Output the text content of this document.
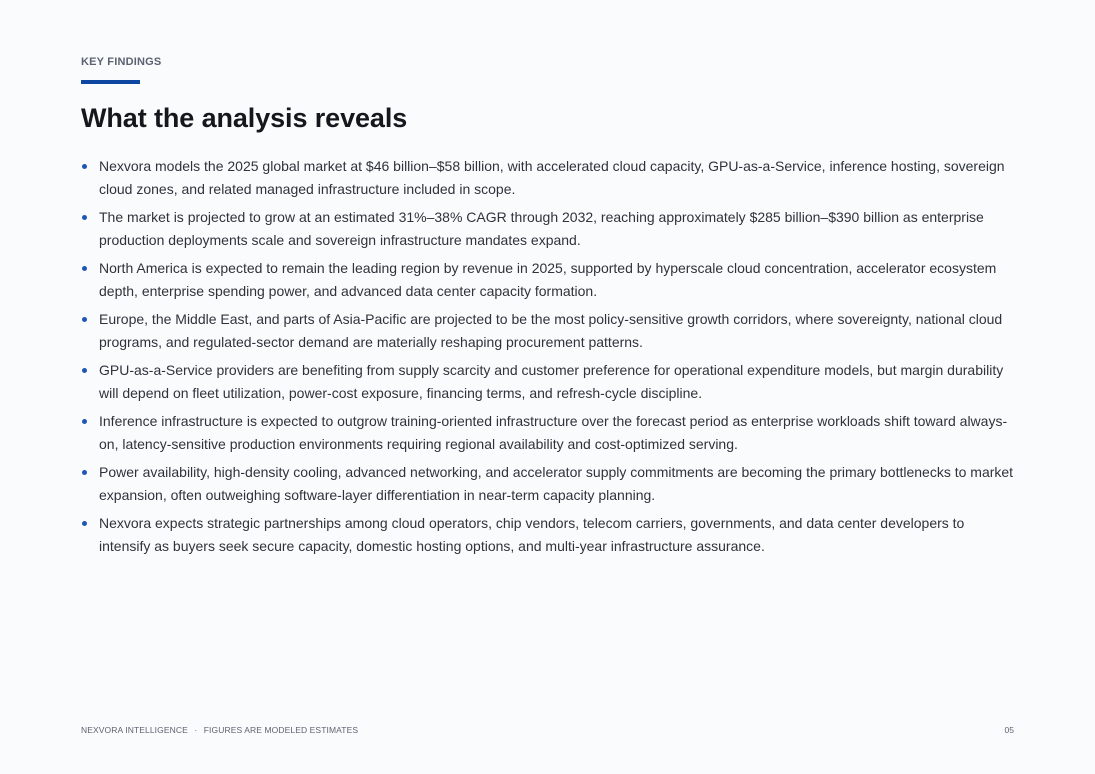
KEY FINDINGS
What the analysis reveals
Nexvora models the 2025 global market at $46 billion–$58 billion, with accelerated cloud capacity, GPU-as-a-Service, inference hosting, sovereign cloud zones, and related managed infrastructure included in scope.
The market is projected to grow at an estimated 31%–38% CAGR through 2032, reaching approximately $285 billion–$390 billion as enterprise production deployments scale and sovereign infrastructure mandates expand.
North America is expected to remain the leading region by revenue in 2025, supported by hyperscale cloud concentration, accelerator ecosystem depth, enterprise spending power, and advanced data center capacity formation.
Europe, the Middle East, and parts of Asia-Pacific are projected to be the most policy-sensitive growth corridors, where sovereignty, national cloud programs, and regulated-sector demand are materially reshaping procurement patterns.
GPU-as-a-Service providers are benefiting from supply scarcity and customer preference for operational expenditure models, but margin durability will depend on fleet utilization, power-cost exposure, financing terms, and refresh-cycle discipline.
Inference infrastructure is expected to outgrow training-oriented infrastructure over the forecast period as enterprise workloads shift toward always-on, latency-sensitive production environments requiring regional availability and cost-optimized serving.
Power availability, high-density cooling, advanced networking, and accelerator supply commitments are becoming the primary bottlenecks to market expansion, often outweighing software-layer differentiation in near-term capacity planning.
Nexvora expects strategic partnerships among cloud operators, chip vendors, telecom carriers, governments, and data center developers to intensify as buyers seek secure capacity, domestic hosting options, and multi-year infrastructure assurance.
NEXVORA INTELLIGENCE · FIGURES ARE MODELED ESTIMATES	05
